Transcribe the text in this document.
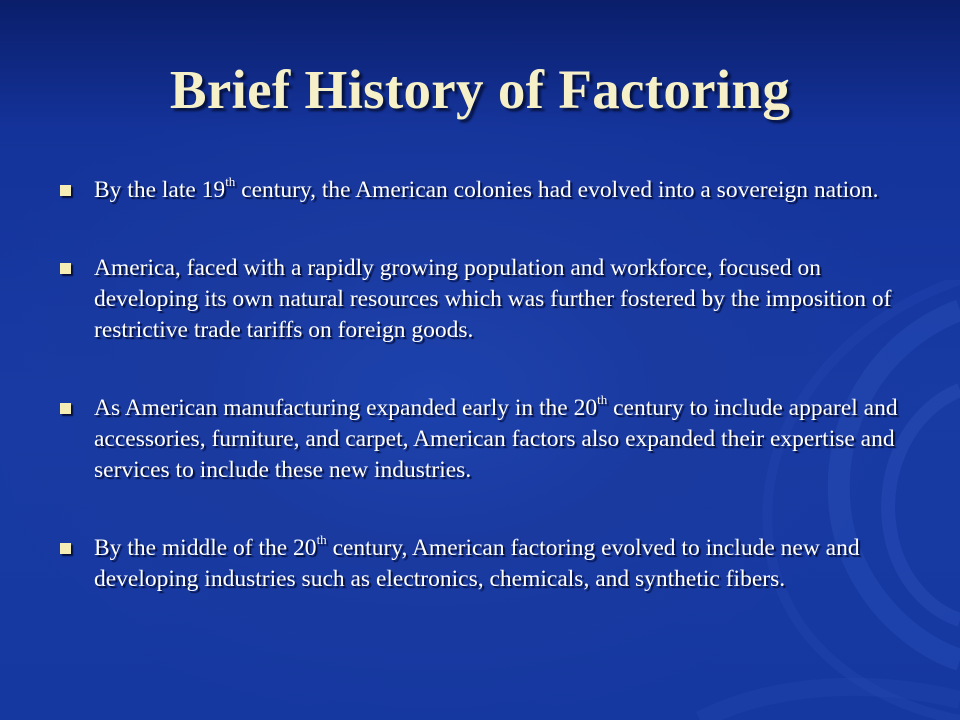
Brief History of Factoring
By the late 19th century, the American colonies had evolved into a sovereign nation.
America, faced with a rapidly growing population and workforce, focused on developing its own natural resources which was further fostered by the imposition of restrictive trade tariffs on foreign goods.
As American manufacturing expanded early in the 20th century to include apparel and accessories, furniture, and carpet, American factors also expanded their expertise and services to include these new industries.
By the middle of the 20th century, American factoring evolved to include new and developing industries such as electronics, chemicals, and synthetic fibers.
